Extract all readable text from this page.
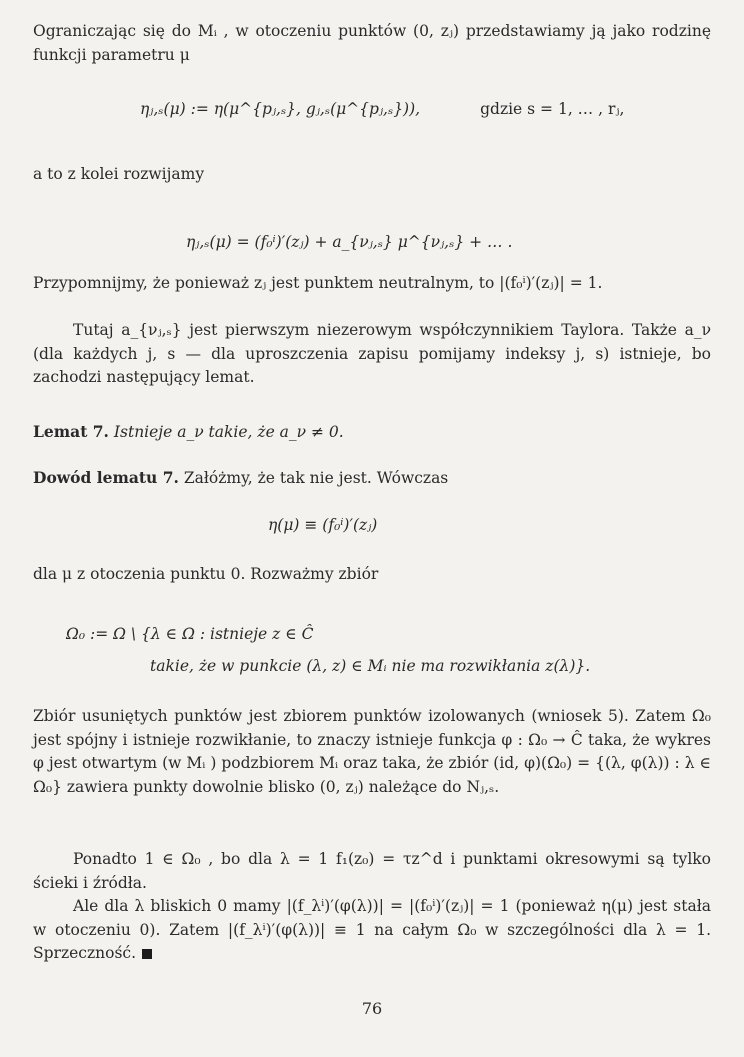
Ograniczając się do Mᵢ , w otoczeniu punktów (0, zⱼ) przedstawiamy ją jako rodzinę funkcji parametru μ

ηⱼ,ₛ(μ) := η(μ^{pⱼ,ₛ}, gⱼ,ₛ(μ^{pⱼ,ₛ})),	gdzie s = 1, … , rⱼ,

a to z kolei rozwijamy

ηⱼ,ₛ(μ) = (f₀ⁱ)′(zⱼ) + a_{νⱼ,ₛ} μ^{νⱼ,ₛ} + … .

Przypomnijmy, że ponieważ zⱼ jest punktem neutralnym, to |(f₀ⁱ)′(zⱼ)| = 1.

Tutaj a_{νⱼ,ₛ} jest pierwszym niezerowym współczynnikiem Taylora. Także a_ν (dla każdych j, s — dla uproszczenia zapisu pomijamy indeksy j, s) istnieje, bo zachodzi następujący lemat.

Lemat 7. Istnieje a_ν takie, że a_ν ≠ 0.

Dowód lematu 7. Załóżmy, że tak nie jest. Wówczas

η(μ) ≡ (f₀ⁱ)′(zⱼ)

dla μ z otoczenia punktu 0. Rozważmy zbiór

Ω₀ := Ω \ {λ ∈ Ω : istnieje z ∈ Ĉ
takie, że w punkcie (λ, z) ∈ Mᵢ nie ma rozwikłania z(λ)}.

Zbiór usuniętych punktów jest zbiorem punktów izolowanych (wniosek 5). Zatem Ω₀ jest spójny i istnieje rozwikłanie, to znaczy istnieje funkcja φ : Ω₀ → Ĉ taka, że wykres φ jest otwartym (w Mᵢ ) podzbiorem Mᵢ oraz taka, że zbiór (id, φ)(Ω₀) = {(λ, φ(λ)) : λ ∈ Ω₀} zawiera punkty dowolnie blisko (0, zⱼ) należące do Nⱼ,ₛ.

Ponadto 1 ∈ Ω₀ , bo dla λ = 1 f₁(z₀) = τz^d i punktami okresowymi są tylko ścieki i źródła.

Ale dla λ bliskich 0 mamy |(f_λⁱ)′(φ(λ))| = |(f₀ⁱ)′(zⱼ)| = 1 (ponieważ η(μ) jest stała w otoczeniu 0). Zatem |(f_λⁱ)′(φ(λ))| ≡ 1 na całym Ω₀ w szczególności dla λ = 1. Sprzeczność.

76
